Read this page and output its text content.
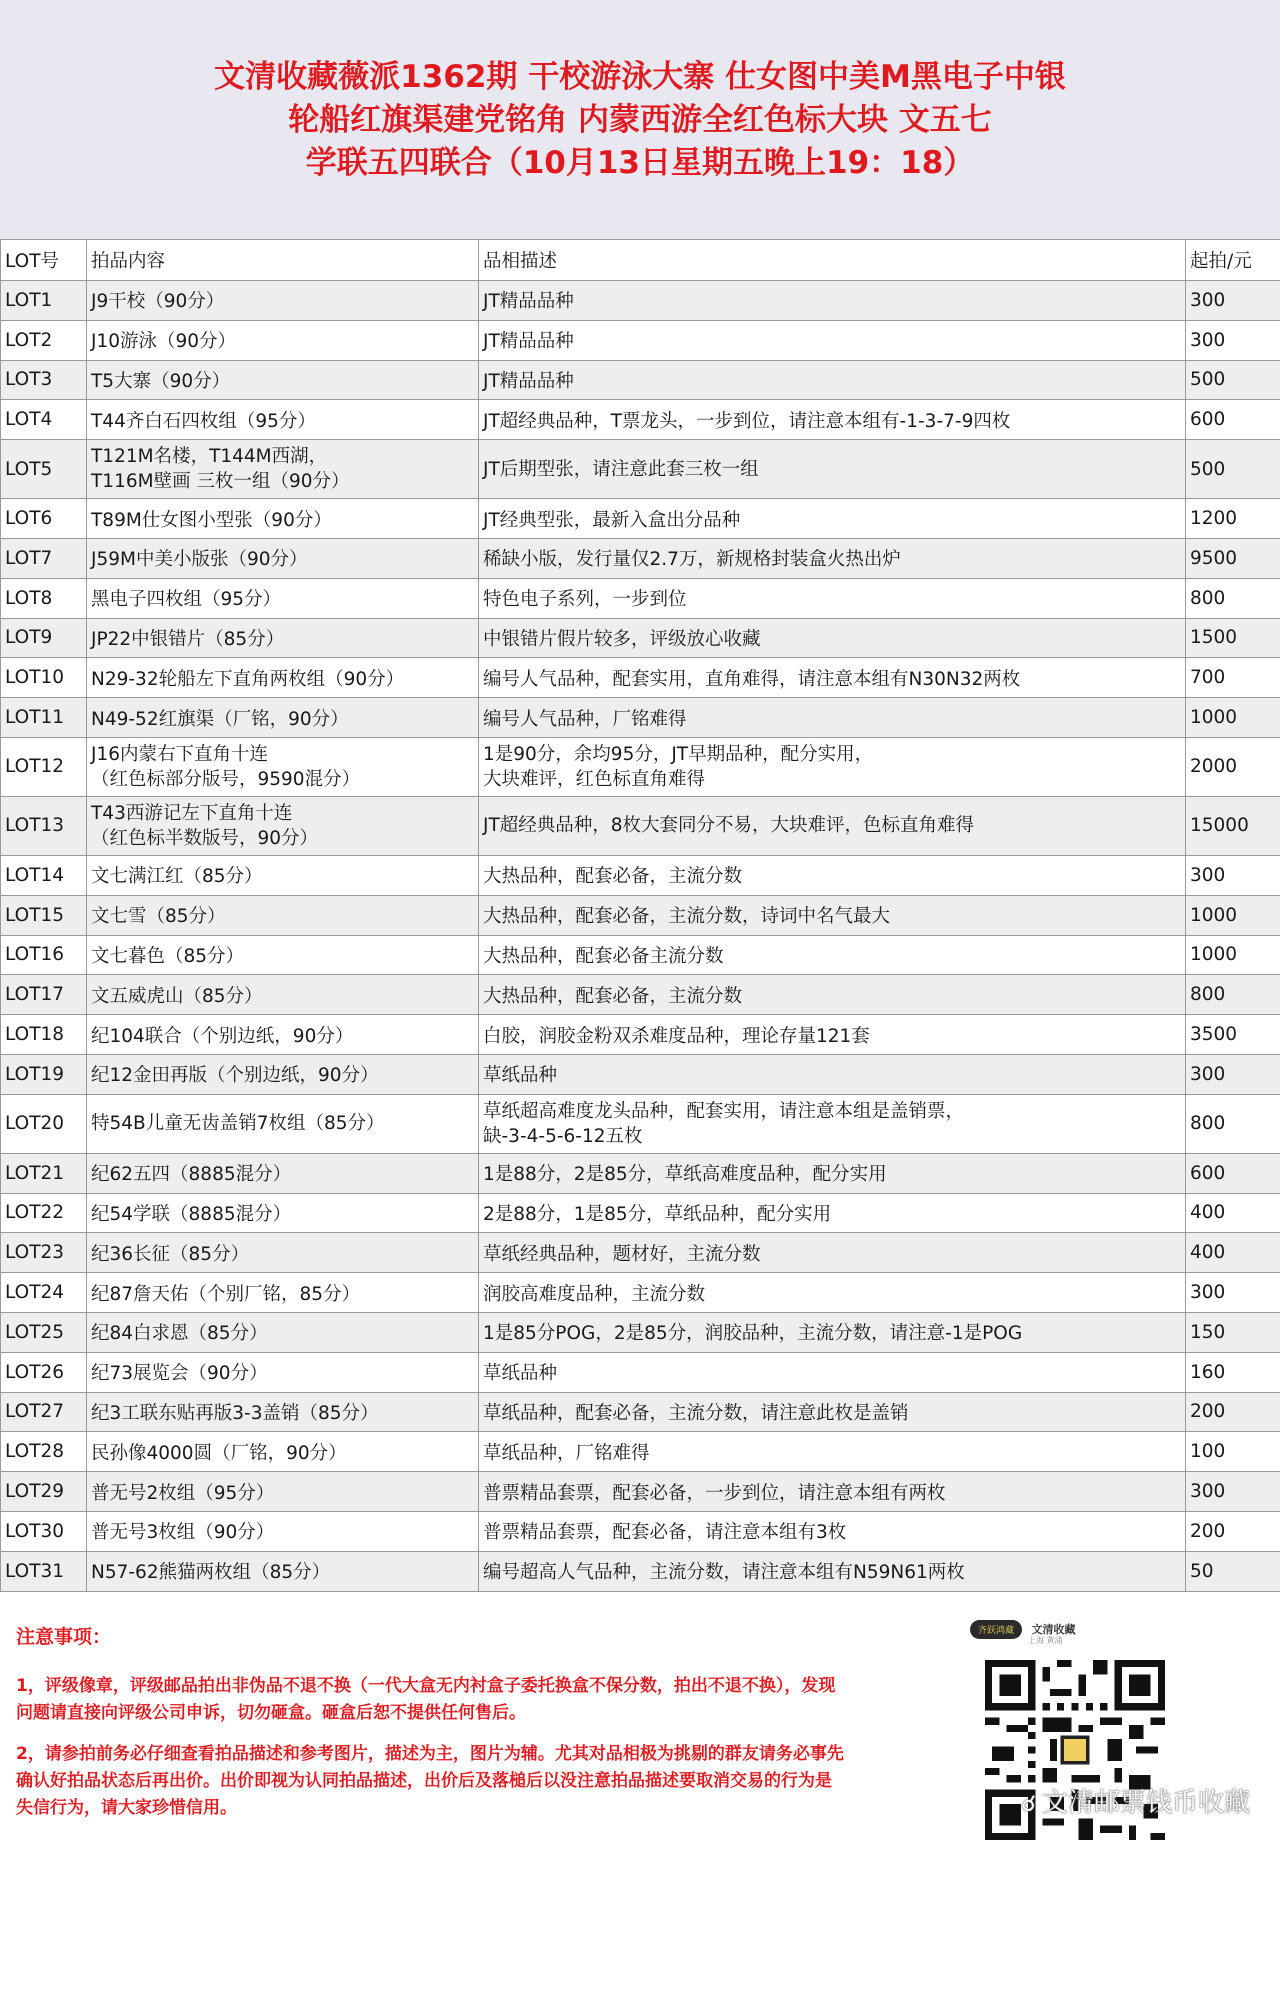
文清收藏薇派1362期 干校游泳大寨 仕女图中美M黑电子中银
轮船红旗渠建党铭角 内蒙西游全红色标大块 文五七
学联五四联合（10月13日星期五晚上19：18）
LOT号	拍品内容	品相描述	起拍/元
LOT1	J9干校（90分）	JT精品品种	300
LOT2	J10游泳（90分）	JT精品品种	300
LOT3	T5大寨（90分）	JT精品品种	500
LOT4	T44齐白石四枚组（95分）	JT超经典品种，T票龙头，一步到位，请注意本组有-1-3-7-9四枚	600
LOT5	T121M名楼，T144M西湖，
T116M壁画 三枚一组（90分）	JT后期型张，请注意此套三枚一组	500
LOT6	T89M仕女图小型张（90分）	JT经典型张，最新入盒出分品种	1200
LOT7	J59M中美小版张（90分）	稀缺小版，发行量仅2.7万，新规格封装盒火热出炉	9500
LOT8	黑电子四枚组（95分）	特色电子系列，一步到位	800
LOT9	JP22中银错片（85分）	中银错片假片较多，评级放心收藏	1500
LOT10	N29-32轮船左下直角两枚组（90分）	编号人气品种，配套实用，直角难得，请注意本组有N30N32两枚	700
LOT11	N49-52红旗渠（厂铭，90分）	编号人气品种，厂铭难得	1000
LOT12	J16内蒙右下直角十连
（红色标部分版号，9590混分）	1是90分，余均95分，JT早期品种，配分实用，
大块难评，红色标直角难得	2000
LOT13	T43西游记左下直角十连
（红色标半数版号，90分）	JT超经典品种，8枚大套同分不易，大块难评，色标直角难得	15000
LOT14	文七满江红（85分）	大热品种，配套必备，主流分数	300
LOT15	文七雪（85分）	大热品种，配套必备，主流分数，诗词中名气最大	1000
LOT16	文七暮色（85分）	大热品种，配套必备主流分数	1000
LOT17	文五威虎山（85分）	大热品种，配套必备，主流分数	800
LOT18	纪104联合（个别边纸，90分）	白胶，润胶金粉双杀难度品种，理论存量121套	3500
LOT19	纪12金田再版（个别边纸，90分）	草纸品种	300
LOT20	特54B儿童无齿盖销7枚组（85分）	草纸超高难度龙头品种，配套实用，请注意本组是盖销票，
缺-3-4-5-6-12五枚	800
LOT21	纪62五四（8885混分）	1是88分，2是85分，草纸高难度品种，配分实用	600
LOT22	纪54学联（8885混分）	2是88分，1是85分，草纸品种，配分实用	400
LOT23	纪36长征（85分）	草纸经典品种，题材好，主流分数	400
LOT24	纪87詹天佑（个别厂铭，85分）	润胶高难度品种，主流分数	300
LOT25	纪84白求恩（85分）	1是85分POG，2是85分，润胶品种，主流分数，请注意-1是POG	150
LOT26	纪73展览会（90分）	草纸品种	160
LOT27	纪3工联东贴再版3-3盖销（85分）	草纸品种，配套必备，主流分数，请注意此枚是盖销	200
LOT28	民孙像4000圆（厂铭，90分）	草纸品种，厂铭难得	100
LOT29	普无号2枚组（95分）	普票精品套票，配套必备，一步到位，请注意本组有两枚	300
LOT30	普无号3枚组（90分）	普票精品套票，配套必备，请注意本组有3枚	200
LOT31	N57-62熊猫两枚组（85分）	编号超高人气品种，主流分数，请注意本组有N59N61两枚	50
注意事项：
1，评级像章，评级邮品拍出非伪品不退不换（一代大盒无内衬盒子委托换盒不保分数，拍出不退不换），发现问题请直接向评级公司申诉，切勿砸盒。砸盒后恕不提供任何售后。
2，请参拍前务必仔细查看拍品描述和参考图片，描述为主，图片为辅。尤其对品相极为挑剔的群友请务必事先确认好拍品状态后再出价。出价即视为认同拍品描述，出价后及落槌后以没注意拍品描述要取消交易的行为是失信行为，请大家珍惜信用。
齐跃鸿藏 文清收藏
上海 黄浦
☌ 文清邮票钱币收藏
